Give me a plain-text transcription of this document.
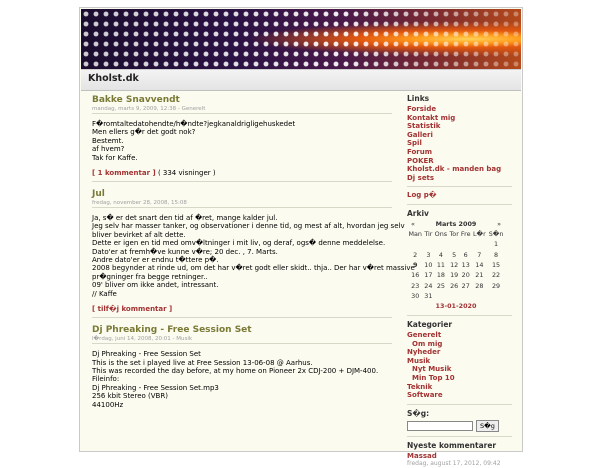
Kholst.dk
Bakke Snavvendt
mandag, marts 9, 2009, 12:38 - Generelt
F�romtaltedatohendte/h�ndte?jegkanaldrigligehuskedet
Men ellers g�r det godt nok?
Bestemt.
af hvem?
Tak for Kaffe.
[ 1 kommentar ] ( 334 visninger )
Jul
fredag, november 28, 2008, 15:08
Ja, s� er det snart den tid af �ret, mange kalder jul.
Jeg selv har masser tanker, og observationer i denne tid, og mest af alt, hvordan jeg selv
bliver bevirket af alt dette.
Dette er igen en tid med omv�ltninger i mit liv, og deraf, ogs� denne meddelelse.
Dato'er at fremh�ve kunne v�re; 20 dec. , 7. Marts.
Andre dato'er er endnu t�ttere p�.
2008 begynder at rinde ud, om det har v�ret godt eller skidt.. thja.. Der har v�ret massive
pr�gninger fra begge retninger..
09' bliver om ikke andet, intressant.
// Kaffe
[ tilf�j kommentar ]
Dj Phreaking - Free Session Set
l�rdag, juni 14, 2008, 20:01 - Musik
Dj Phreaking - Free Session Set
This is the set i played live at Free Session 13-06-08 @ Aarhus.
This was recorded the day before, at my home on Pioneer 2x CDJ-200 + DJM-400.
Fileinfo:
Dj Phreaking - Free Session Set.mp3
256 kbit Stereo (VBR)
44100Hz
Links
Forside
Kontakt mig
Statistik
Galleri
Spil
Forum
POKER
Kholst.dk - manden bag
Dj sets
Log p�
Arkiv
«	Marts 2009	»
Man	Tir	Ons	Tor	Fre	L�r	S�n
						1
2	3	4	5	6	7	8
9	10	11	12	13	14	15
16	17	18	19	20	21	22
23	24	25	26	27	28	29
30	31					
13-01-2020
Kategorier
Generelt
Om mig
Nyheder
Musik
Nyt Musik
Min Top 10
Teknik
Software
S�g:
S�g
Nyeste kommentarer
Massad
fredag, august 17, 2012, 09:42
